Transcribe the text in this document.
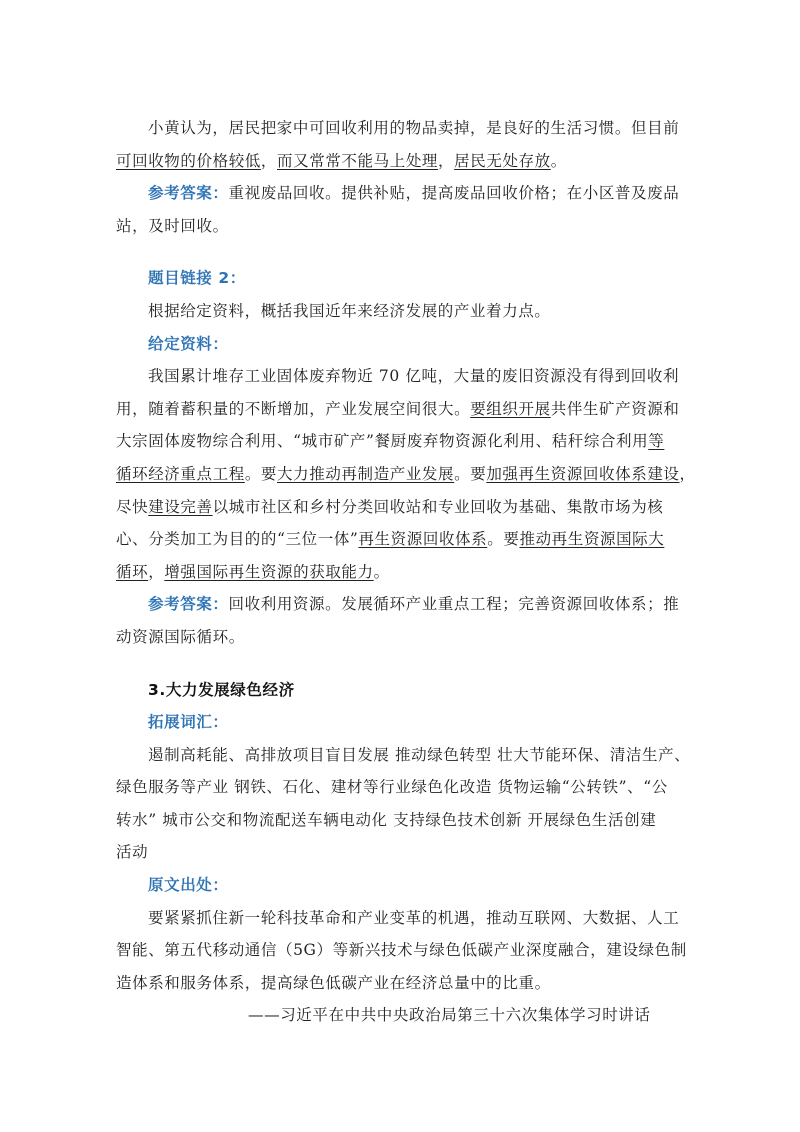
小黄认为，居民把家中可回收利用的物品卖掉，是良好的生活习惯。但目前
可回收物的价格较低，而又常常不能马上处理，居民无处存放。
参考答案：重视废品回收。提供补贴，提高废品回收价格；在小区普及废品
站，及时回收。
题目链接 2：
根据给定资料，概括我国近年来经济发展的产业着力点。
给定资料：
我国累计堆存工业固体废弃物近 70 亿吨，大量的废旧资源没有得到回收利
用，随着蓄积量的不断增加，产业发展空间很大。要组织开展共伴生矿产资源和
大宗固体废物综合利用、“城市矿产”餐厨废弃物资源化利用、秸秆综合利用等
循环经济重点工程。要大力推动再制造产业发展。要加强再生资源回收体系建设，
尽快建设完善以城市社区和乡村分类回收站和专业回收为基础、集散市场为核
心、分类加工为目的的“三位一体”再生资源回收体系。要推动再生资源国际大
循环，增强国际再生资源的获取能力。
参考答案：回收利用资源。发展循环产业重点工程；完善资源回收体系；推
动资源国际循环。
3.大力发展绿色经济
拓展词汇：
遏制高耗能、高排放项目盲目发展 推动绿色转型 壮大节能环保、清洁生产、
绿色服务等产业 钢铁、石化、建材等行业绿色化改造 货物运输“公转铁”、“公
转水” 城市公交和物流配送车辆电动化 支持绿色技术创新 开展绿色生活创建
活动
原文出处：
要紧紧抓住新一轮科技革命和产业变革的机遇，推动互联网、大数据、人工
智能、第五代移动通信（5G）等新兴技术与绿色低碳产业深度融合，建设绿色制
造体系和服务体系，提高绿色低碳产业在经济总量中的比重。
——习近平在中共中央政治局第三十六次集体学习时讲话
